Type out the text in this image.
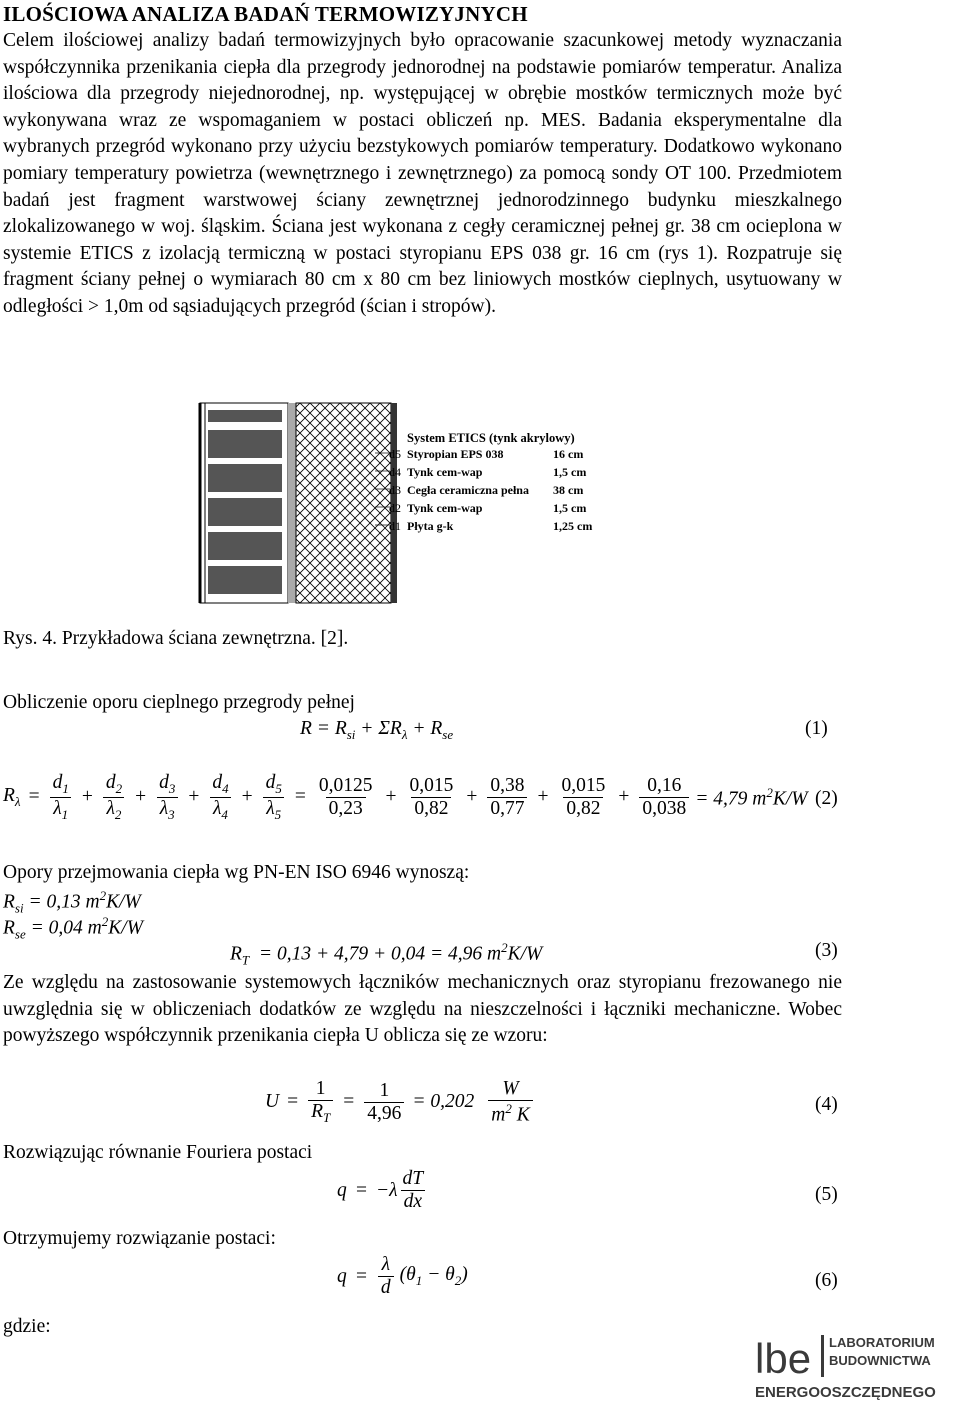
ILOŚCIOWA ANALIZA BADAŃ TERMOWIZYJNYCH
Celem ilościowej analizy badań termowizyjnych było opracowanie szacunkowej metody wyznaczania współczynnika przenikania ciepła dla przegrody jednorodnej na podstawie pomiarów temperatur. Analiza ilościowa dla przegrody niejednorodnej, np. występującej w obrębie mostków termicznych może być wykonywana wraz ze wspomaganiem w postaci obliczeń np. MES. Badania eksperymentalne dla wybranych przegród wykonano przy użyciu bezstykowych pomiarów temperatury. Dodatkowo wykonano pomiary temperatury powietrza (wewnętrznego i zewnętrznego) za pomocą sondy OT 100. Przedmiotem badań jest fragment warstwowej ściany zewnętrznej jednorodzinnego budynku mieszkalnego zlokalizowanego w woj. śląskim. Ściana jest wykonana z cegły ceramicznej pełnej gr. 38 cm ocieplona w systemie ETICS z izolacją termiczną w postaci styropianu EPS 038 gr. 16 cm (rys 1). Rozpatruje się fragment ściany pełnej o wymiarach 80 cm x 80 cm bez liniowych mostków cieplnych, usytuowany w odległości > 1,0m od sąsiadujących przegród (ścian i stropów).
System ETICS (tynk akrylowy)
d5 Styropian EPS 038	16 cm
d4 Tynk cem-wap	1,5 cm
d3 Cegła ceramiczna pełna 38 cm
d2 Tynk cem-wap	1,5 cm
d1 Płyta g-k	1,25 cm
Rys. 4. Przykładowa ściana zewnętrzna. [2].
Obliczenie oporu cieplnego przegrody pełnej
$R = R_{si} + \Sigma R_\lambda + R_{se}$	(1)
$R_\lambda = \frac{d_1}{\lambda_1} + \frac{d_2}{\lambda_2} + \frac{d_3}{\lambda_3} + \frac{d_4}{\lambda_4} + \frac{d_5}{\lambda_5} = \frac{0,0125}{0,23} + \frac{0,015}{0,82} + \frac{0,38}{0,77} + \frac{0,015}{0,82} + \frac{0,16}{0,038} = 4,79$ $m^2K/W$ (2)
Opory przejmowania ciepła wg PN-EN ISO 6946 wynoszą:
$R_{si} = 0,13$ $m^2K/W$
$R_{se} = 0,04$ $m^2K/W$
$R_T = 0,13 + 4,79 + 0,04 = 4,96$ $m^2K/W$	(3)
Ze względu na zastosowanie systemowych łączników mechanicznych oraz styropianu frezowanego nie uwzględnia się w obliczeniach dodatków ze względu na nieszczelności i łączniki mechaniczne. Wobec powyższego współczynnik przenikania ciepła U oblicza się ze wzoru:
$U = \frac{1}{R_T} = \frac{1}{4,96} = 0,202 \frac{W}{m^2 K}$	(4)
Rozwiązując równanie Fouriera postaci
$q = -\lambda \frac{dT}{dx}$	(5)
Otrzymujemy rozwiązanie postaci:
$q = \frac{\lambda}{d} (\theta_1 - \theta_2)$	(6)
gdzie:
lbe LABORATORIUM
BUDOWNICTWA
ENERGOOSZCZĘDNEGO
